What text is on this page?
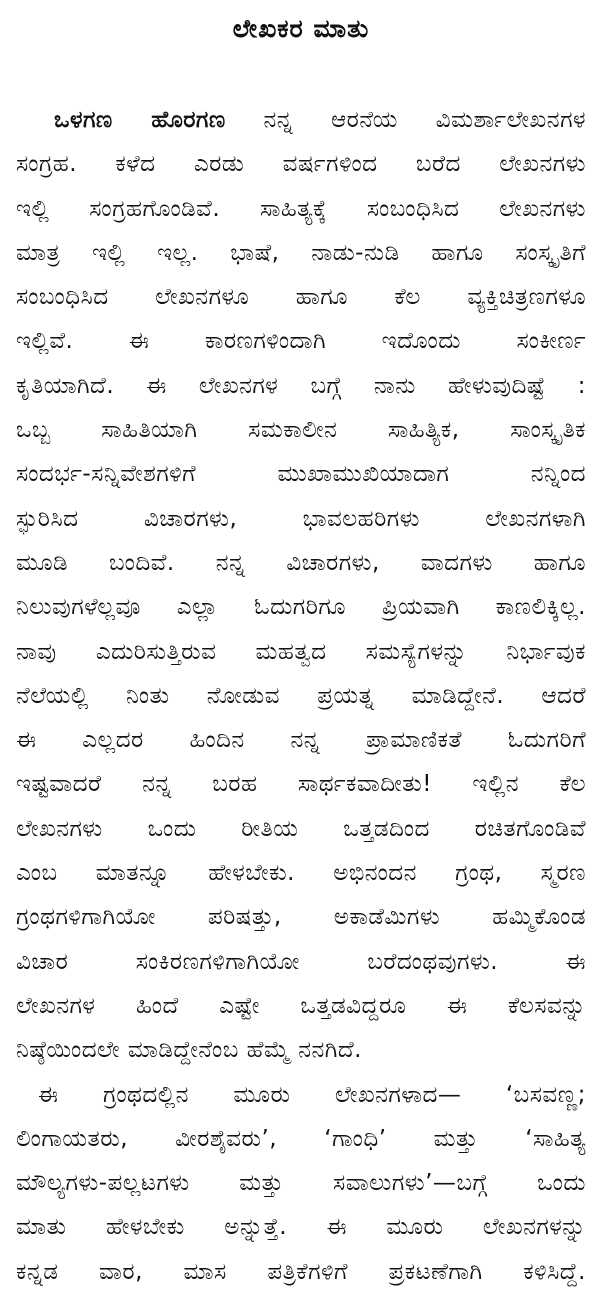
ಲೇಖಕರ ಮಾತು
ಒಳಗಣ ಹೊರಗಣ ನನ್ನ ಆರನೆಯ ವಿಮರ್ಶಾಲೇಖನಗಳ
ಸಂಗ್ರಹ. ಕಳೆದ ಎರಡು ವರ್ಷಗಳಿಂದ ಬರೆದ ಲೇಖನಗಳು
ಇಲ್ಲಿ ಸಂಗ್ರಹಗೊಂಡಿವೆ. ಸಾಹಿತ್ಯಕ್ಕೆ ಸಂಬಂಧಿಸಿದ ಲೇಖನಗಳು
ಮಾತ್ರ ಇಲ್ಲಿ ಇಲ್ಲ. ಭಾಷೆ, ನಾಡು-ನುಡಿ ಹಾಗೂ ಸಂಸ್ಕೃತಿಗೆ
ಸಂಬಂಧಿಸಿದ ಲೇಖನಗಳೂ ಹಾಗೂ ಕೆಲ ವ್ಯಕ್ತಿಚಿತ್ರಣಗಳೂ
ಇಲ್ಲಿವೆ. ಈ ಕಾರಣಗಳಿಂದಾಗಿ ಇದೊಂದು ಸಂಕೀರ್ಣ
ಕೃತಿಯಾಗಿದೆ. ಈ ಲೇಖನಗಳ ಬಗ್ಗೆ ನಾನು ಹೇಳುವುದಿಷ್ಟೆ :
ಒಬ್ಬ ಸಾಹಿತಿಯಾಗಿ ಸಮಕಾಲೀನ ಸಾಹಿತ್ಯಿಕ, ಸಾಂಸ್ಕೃತಿಕ
ಸಂದರ್ಭ-ಸನ್ನಿವೇಶಗಳಿಗೆ ಮುಖಾಮುಖಿಯಾದಾಗ ನನ್ನಿಂದ
ಸ್ಫುರಿಸಿದ ವಿಚಾರಗಳು, ಭಾವಲಹರಿಗಳು ಲೇಖನಗಳಾಗಿ
ಮೂಡಿ ಬಂದಿವೆ. ನನ್ನ ವಿಚಾರಗಳು, ವಾದಗಳು ಹಾಗೂ
ನಿಲುವುಗಳೆಲ್ಲವೂ ಎಲ್ಲಾ ಓದುಗರಿಗೂ ಪ್ರಿಯವಾಗಿ ಕಾಣಲಿಕ್ಕಿಲ್ಲ.
ನಾವು ಎದುರಿಸುತ್ತಿರುವ ಮಹತ್ವದ ಸಮಸ್ಯೆಗಳನ್ನು ನಿರ್ಭಾವುಕ
ನೆಲೆಯಲ್ಲಿ ನಿಂತು ನೋಡುವ ಪ್ರಯತ್ನ ಮಾಡಿದ್ದೇನೆ. ಆದರೆ
ಈ ಎಲ್ಲದರ ಹಿಂದಿನ ನನ್ನ ಪ್ರಾಮಾಣಿಕತೆ ಓದುಗರಿಗೆ
ಇಷ್ಟವಾದರೆ ನನ್ನ ಬರಹ ಸಾರ್ಥಕವಾದೀತು! ಇಲ್ಲಿನ ಕೆಲ
ಲೇಖನಗಳು ಒಂದು ರೀತಿಯ ಒತ್ತಡದಿಂದ ರಚಿತಗೊಂಡಿವೆ
ಎಂಬ ಮಾತನ್ನೂ ಹೇಳಬೇಕು. ಅಭಿನಂದನ ಗ್ರಂಥ, ಸ್ಮರಣ
ಗ್ರಂಥಗಳಿಗಾಗಿಯೋ ಪರಿಷತ್ತು, ಅಕಾಡೆಮಿಗಳು ಹಮ್ಮಿಕೊಂಡ
ವಿಚಾರ ಸಂಕಿರಣಗಳಿಗಾಗಿಯೋ ಬರೆದಂಥವುಗಳು. ಈ
ಲೇಖನಗಳ ಹಿಂದೆ ಎಷ್ಟೇ ಒತ್ತಡವಿದ್ದರೂ ಈ ಕೆಲಸವನ್ನು
ನಿಷ್ಠೆಯಿಂದಲೇ ಮಾಡಿದ್ದೇನೆಂಬ ಹೆಮ್ಮೆ ನನಗಿದೆ.
ಈ ಗ್ರಂಥದಲ್ಲಿನ ಮೂರು ಲೇಖನಗಳಾದ— ‘ಬಸವಣ್ಣ;
ಲಿಂಗಾಯತರು, ವೀರಶೈವರು’, ‘ಗಾಂಧಿ’ ಮತ್ತು ‘ಸಾಹಿತ್ಯ
ಮೌಲ್ಯಗಳು-ಪಲ್ಲಟಗಳು ಮತ್ತು ಸವಾಲುಗಳು’—ಬಗ್ಗೆ ಒಂದು
ಮಾತು ಹೇಳಬೇಕು ಅನ್ನುತ್ತೆ. ಈ ಮೂರು ಲೇಖನಗಳನ್ನು
ಕನ್ನಡ ವಾರ, ಮಾಸ ಪತ್ರಿಕೆಗಳಿಗೆ ಪ್ರಕಟಣೆಗಾಗಿ ಕಳಿಸಿದ್ದೆ.
